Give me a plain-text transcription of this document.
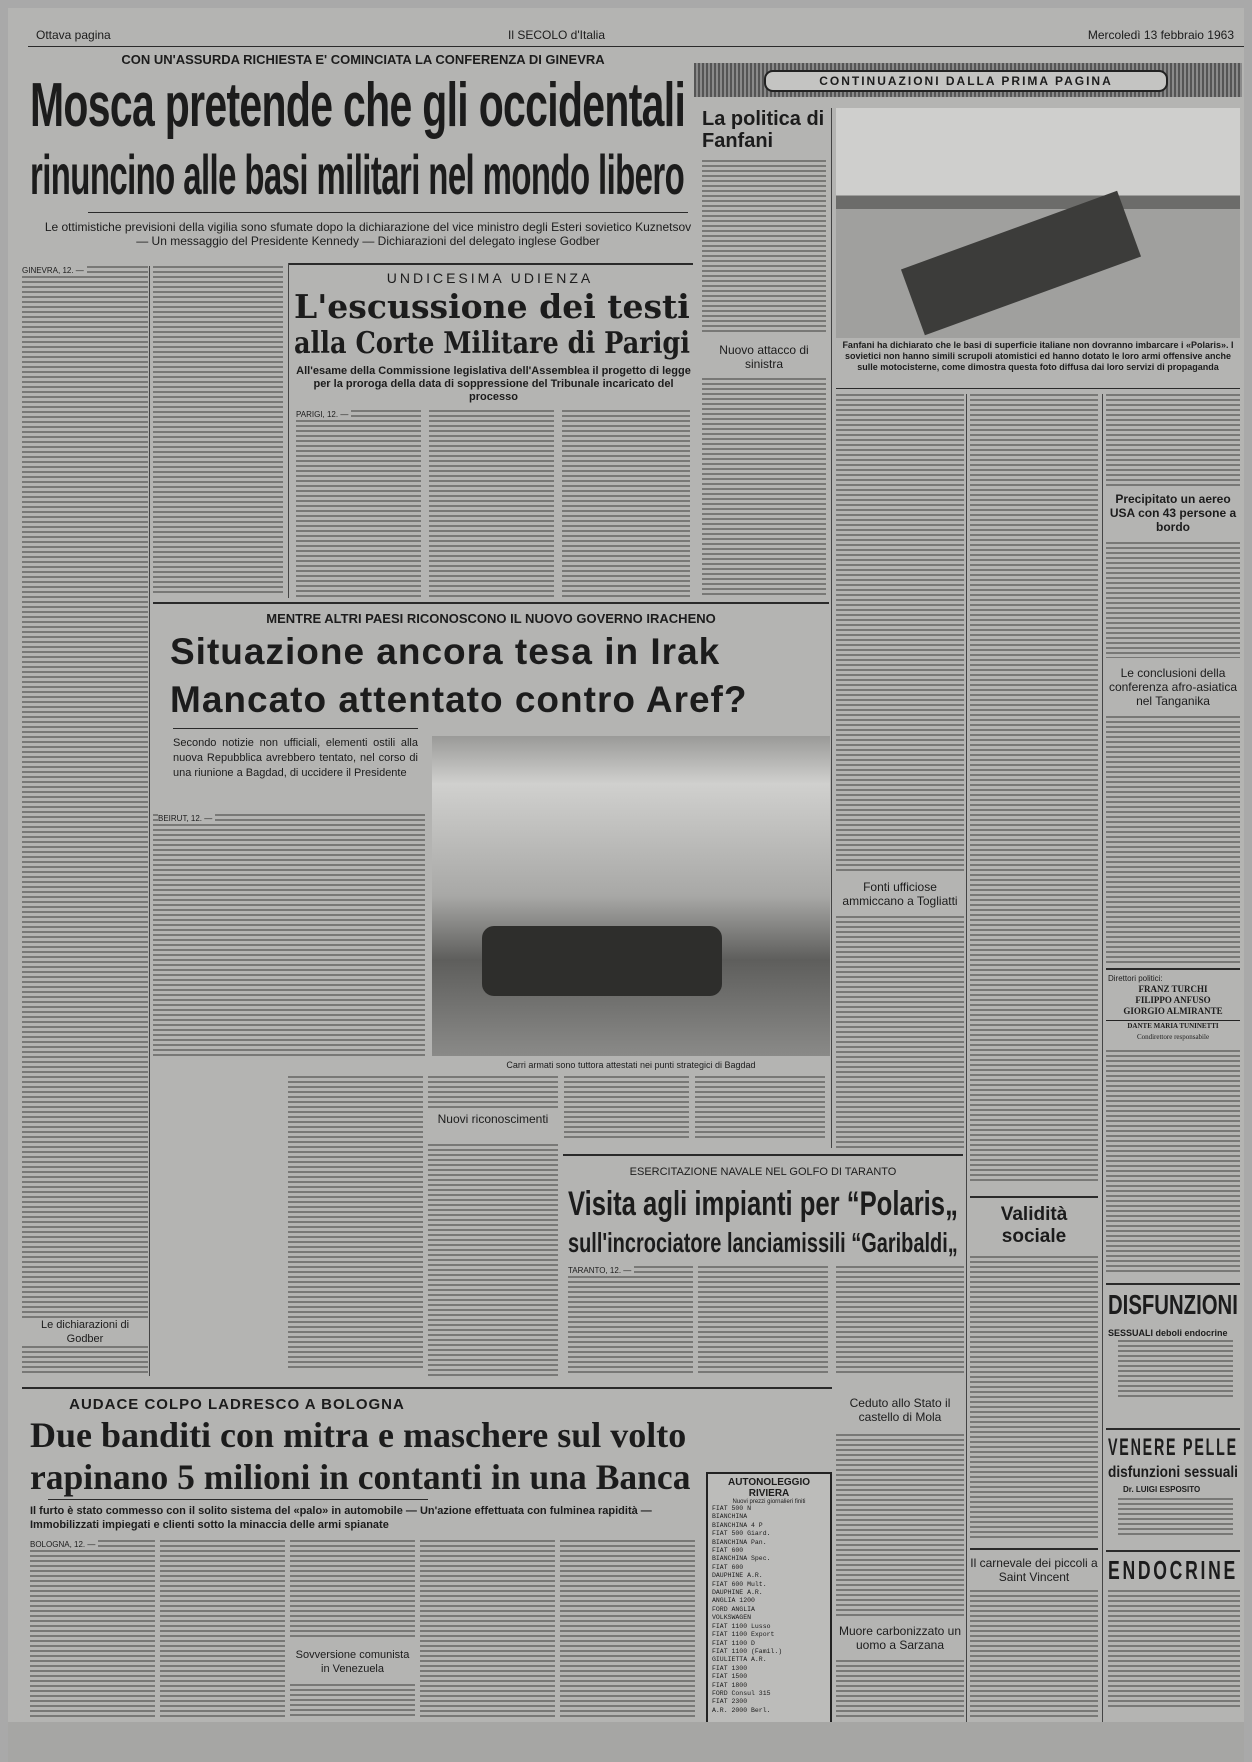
Ottava pagina	Il SECOLO d'Italia	Mercoledì 13 febbraio 1963
CON UN'ASSURDA RICHIESTA E' COMINCIATA LA CONFERENZA DI GINEVRA
Mosca pretende che gli occidentali
rinuncino alle basi militari nel mondo libero
Le ottimistiche previsioni della vigilia sono sfumate dopo la dichiarazione del vice ministro degli Esteri sovietico Kuznetsov — Un messaggio del Presidente Kennedy — Dichiarazioni del delegato inglese Godber
GINEVRA, 12. —
Le dichiarazioni di Godber
UNDICESIMA UDIENZA
L'escussione dei testi
alla Corte Militare di Parigi
All'esame della Commissione legislativa dell'Assemblea il progetto di legge per la proroga della data di soppressione del Tribunale incaricato del processo
PARIGI, 12. —
CONTINUAZIONI DALLA PRIMA PAGINA
La politica di Fanfani
Nuovo attacco di sinistra
Fanfani ha dichiarato che le basi di superficie italiane non dovranno imbarcare i «Polaris». I sovietici non hanno simili scrupoli atomistici ed hanno dotato le loro armi offensive anche sulle motocisterne, come dimostra questa foto diffusa dai loro servizi di propaganda
Fonti ufficiose ammiccano a Togliatti
Precipitato un aereo USA con 43 persone a bordo
Le conclusioni della conferenza afro-asiatica nel Tanganika
Direttori politici:
FRANZ TURCHI
FILIPPO ANFUSO
GIORGIO ALMIRANTE
DANTE MARIA TUNINETTI
Condirettore responsabile
DISFUNZIONI
SESSUALI deboli endocrine
VENERE PELLE
disfunzioni sessuali
Dr. LUIGI ESPOSITO
ENDOCRINE
Validità sociale
Il carnevale dei piccoli a Saint Vincent
MENTRE ALTRI PAESI RICONOSCONO IL NUOVO GOVERNO IRACHENO
Situazione ancora tesa in Irak
Mancato attentato contro Aref?
Secondo notizie non ufficiali, elementi ostili alla nuova Repubblica avrebbero tentato, nel corso di una riunione a Bagdad, di uccidere il Presidente
BEIRUT, 12. —
Carri armati sono tuttora attestati nei punti strategici di Bagdad
Nuovi riconoscimenti
ESERCITAZIONE NAVALE NEL GOLFO DI TARANTO
Visita agli impianti per “Polaris„
sull'incrociatore lanciamissili “Garibaldi„
TARANTO, 12. —
Ceduto allo Stato il castello di Mola
Muore carbonizzato un uomo a Sarzana
AUDACE COLPO LADRESCO A BOLOGNA
Due banditi con mitra e maschere sul volto
rapinano 5 milioni in contanti in una Banca
Il furto è stato commesso con il solito sistema del «palo» in automobile — Un'azione effettuata con fulminea rapidità — Immobilizzati impiegati e clienti sotto la minaccia delle armi spianate
BOLOGNA, 12. —
Sovversione comunista in Venezuela
AUTONOLEGGIO RIVIERA
Nuovi prezzi giornalieri finiti
FIAT 500 N
BIANCHINA
BIANCHINA 4 P
FIAT 500 Giard.
BIANCHINA Pan.
FIAT 600
BIANCHINA Spec.
FIAT 600
DAUPHINE A.R.
FIAT 600 Mult.
DAUPHINE A.R.
ANGLIA 1200
FORD ANGLIA
VOLKSWAGEN
FIAT 1100 Lusso
FIAT 1100 Export
FIAT 1100 D
FIAT 1100 (Famil.)
GIULIETTA A.R.
FIAT 1300
FIAT 1500
FIAT 1800
FORD Consul 315
FIAT 2300
A.R. 2000 Berl.
